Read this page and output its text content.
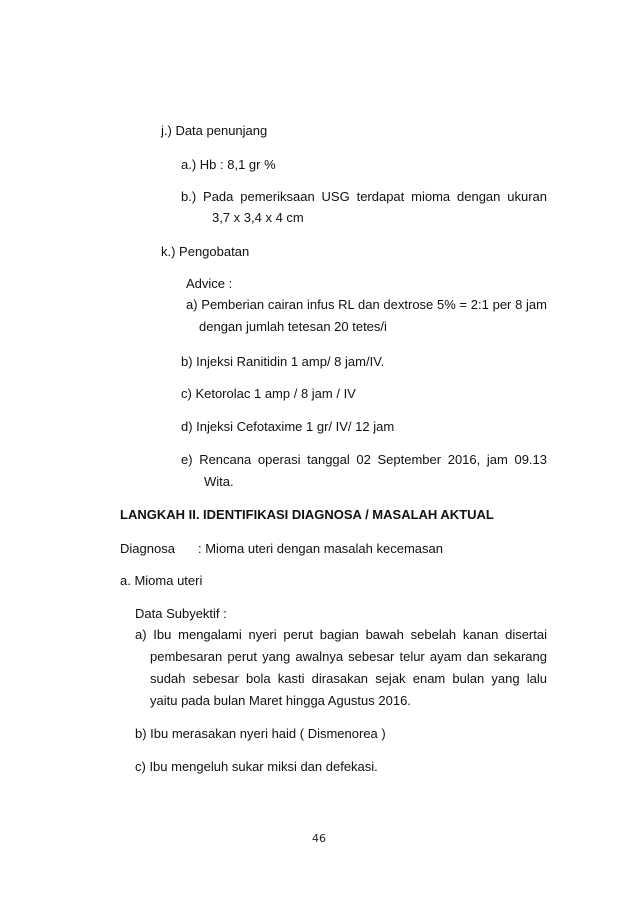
j.) Data penunjang
a.) Hb : 8,1 gr %
b.) Pada pemeriksaan USG terdapat mioma dengan ukuran
3,7 x 3,4 x 4 cm
k.) Pengobatan
Advice :
a) Pemberian cairan infus RL dan dextrose 5% = 2:1 per 8 jam
dengan jumlah tetesan 20 tetes/i
b) Injeksi Ranitidin 1 amp/ 8 jam/IV.
c) Ketorolac 1 amp / 8 jam / IV
d) Injeksi Cefotaxime 1 gr/ IV/ 12 jam
e) Rencana operasi tanggal 02 September 2016, jam 09.13
Wita.
LANGKAH II. IDENTIFIKASI DIAGNOSA / MASALAH AKTUAL
Diagnosa : Mioma uteri dengan masalah kecemasan
a. Mioma uteri
Data Subyektif :
a) Ibu mengalami nyeri perut bagian bawah sebelah kanan disertai
pembesaran perut yang awalnya sebesar telur ayam dan sekarang
sudah sebesar bola kasti dirasakan sejak enam bulan yang lalu
yaitu pada bulan Maret hingga Agustus 2016.
b) Ibu merasakan nyeri haid ( Dismenorea )
c) Ibu mengeluh sukar miksi dan defekasi.
46
